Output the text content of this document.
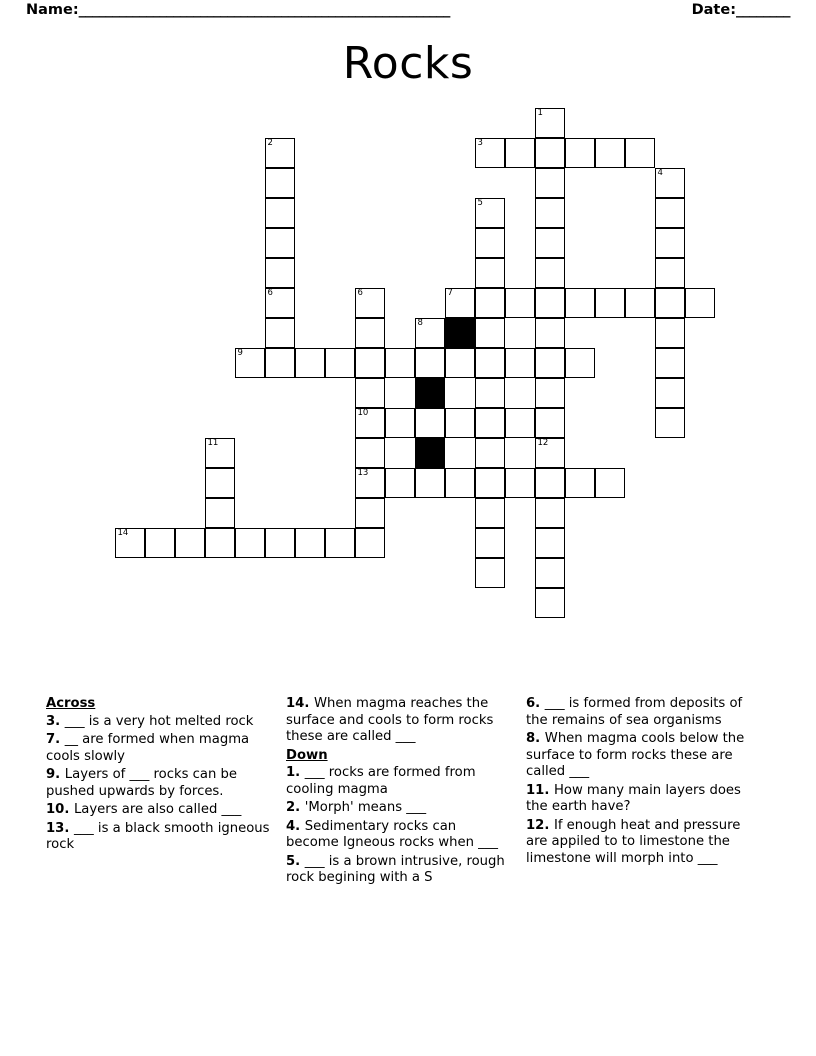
Name: _______________________________________________________	Date: ________
Rocks
1
2	3
4
5
6	6	7
8
9
10
11	12
13
14
Across
3. ___ is a very hot melted rock
7. __ are formed when magma cools slowly
9. Layers of ___ rocks can be pushed upwards by forces.
10. Layers are also called ___
13. ___ is a black smooth igneous rock
14. When magma reaches the surface and cools to form rocks these are called ___
Down
1. ___ rocks are formed from cooling magma
2. 'Morph' means ___
4. Sedimentary rocks can become Igneous rocks when ___
5. ___ is a brown intrusive, rough rock begining with a S
6. ___ is formed from deposits of the remains of sea organisms
8. When magma cools below the surface to form rocks these are called ___
11. How many main layers does the earth have?
12. If enough heat and pressure are appiled to to limestone the limestone will morph into ___
